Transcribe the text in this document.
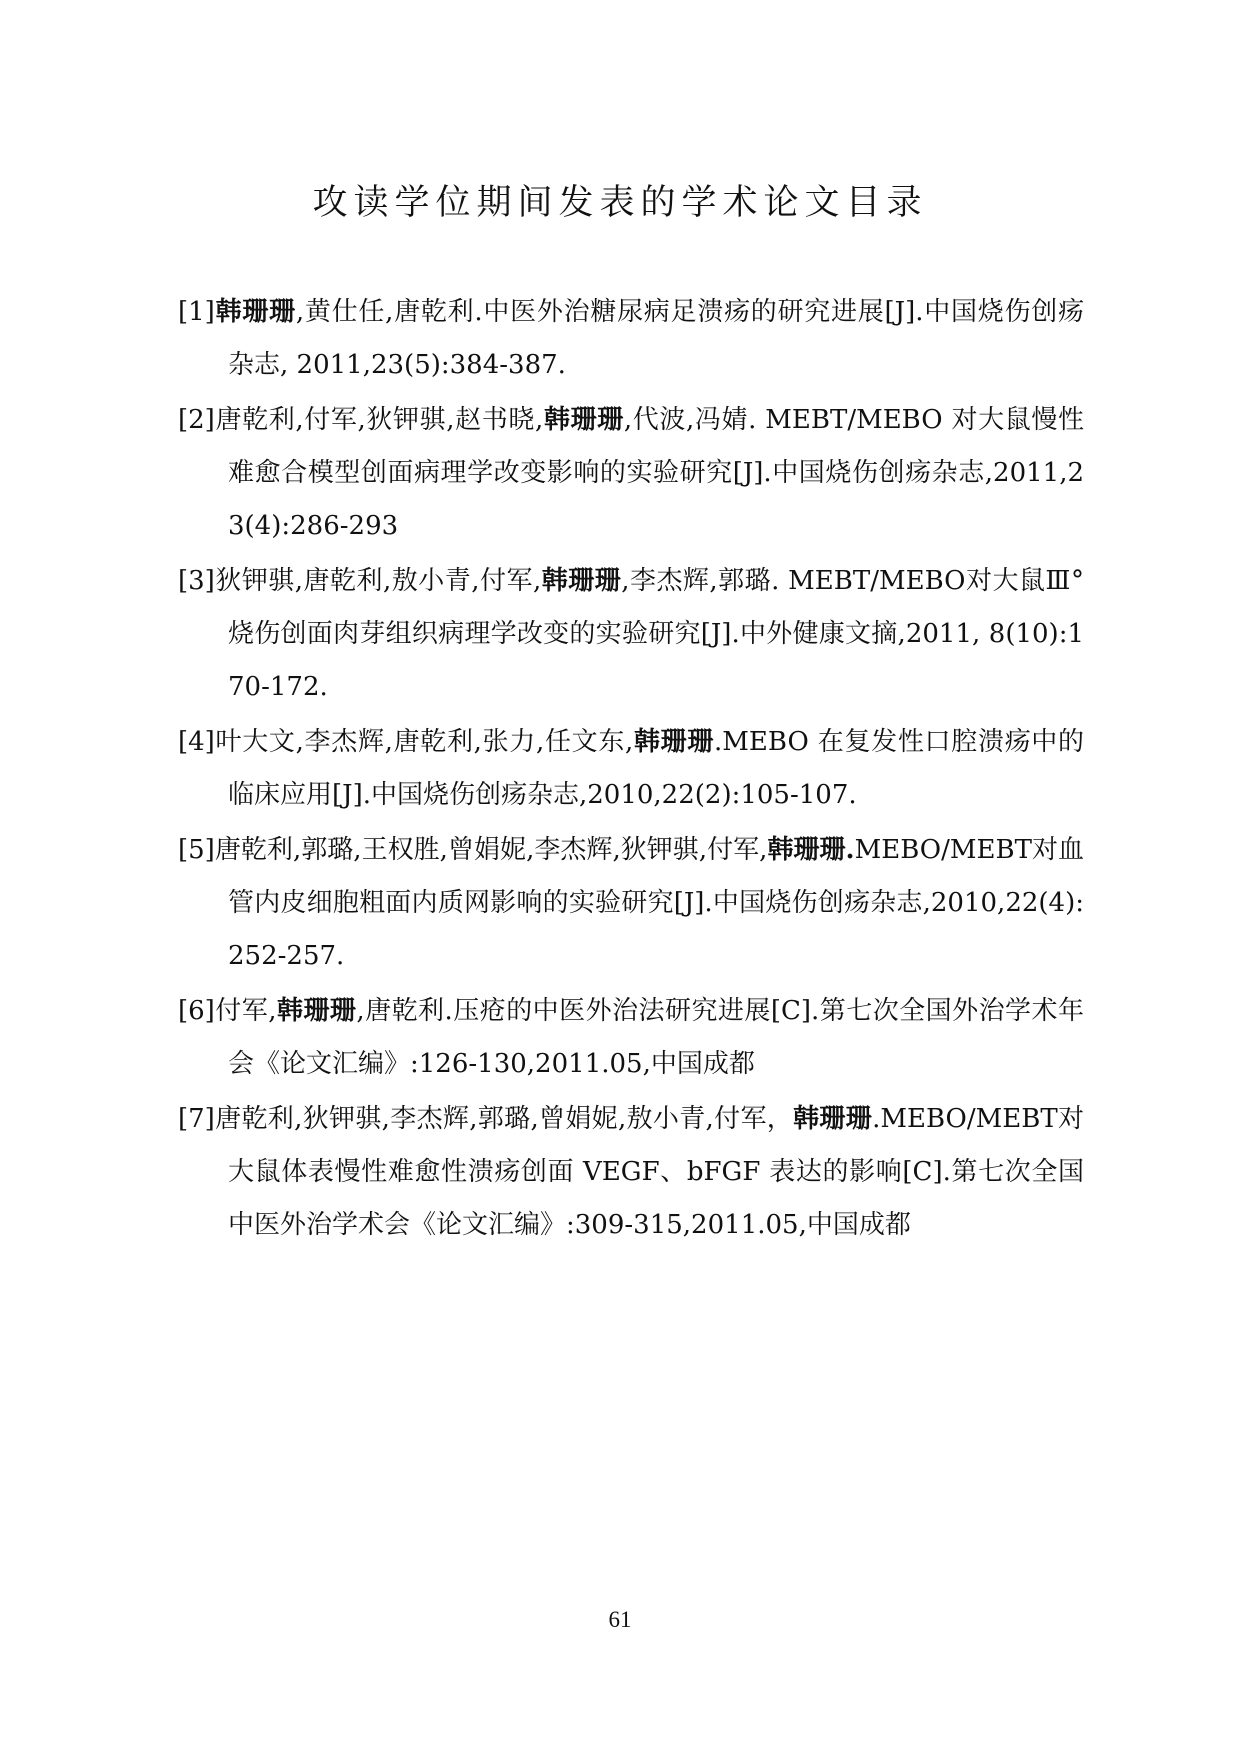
攻读学位期间发表的学术论文目录
[1]韩珊珊,黄仕任,唐乾利.中医外治糖尿病足溃疡的研究进展[J].中国烧伤创疡杂志, 2011,23(5):384-387.
[2]唐乾利,付军,狄钾骐,赵书晓,韩珊珊,代波,冯婧. MEBT/MEBO 对大鼠慢性难愈合模型创面病理学改变影响的实验研究[J].中国烧伤创疡杂志,2011,23(4):286-293
[3]狄钾骐,唐乾利,敖小青,付军,韩珊珊,李杰辉,郭璐. MEBT/MEBO对大鼠Ⅲ°烧伤创面肉芽组织病理学改变的实验研究[J].中外健康文摘,2011, 8(10):170-172.
[4]叶大文,李杰辉,唐乾利,张力,任文东,韩珊珊.MEBO 在复发性口腔溃疡中的临床应用[J].中国烧伤创疡杂志,2010,22(2):105-107.
[5]唐乾利,郭璐,王权胜,曾娟妮,李杰辉,狄钾骐,付军,韩珊珊.MEBO/MEBT对血管内皮细胞粗面内质网影响的实验研究[J].中国烧伤创疡杂志,2010,22(4):252-257.
[6]付军,韩珊珊,唐乾利.压疮的中医外治法研究进展[C].第七次全国外治学术年会《论文汇编》:126-130,2011.05,中国成都
[7]唐乾利,狄钾骐,李杰辉,郭璐,曾娟妮,敖小青,付军，韩珊珊.MEBO/MEBT对大鼠体表慢性难愈性溃疡创面 VEGF、bFGF 表达的影响[C].第七次全国中医外治学术会《论文汇编》:309-315,2011.05,中国成都
61
